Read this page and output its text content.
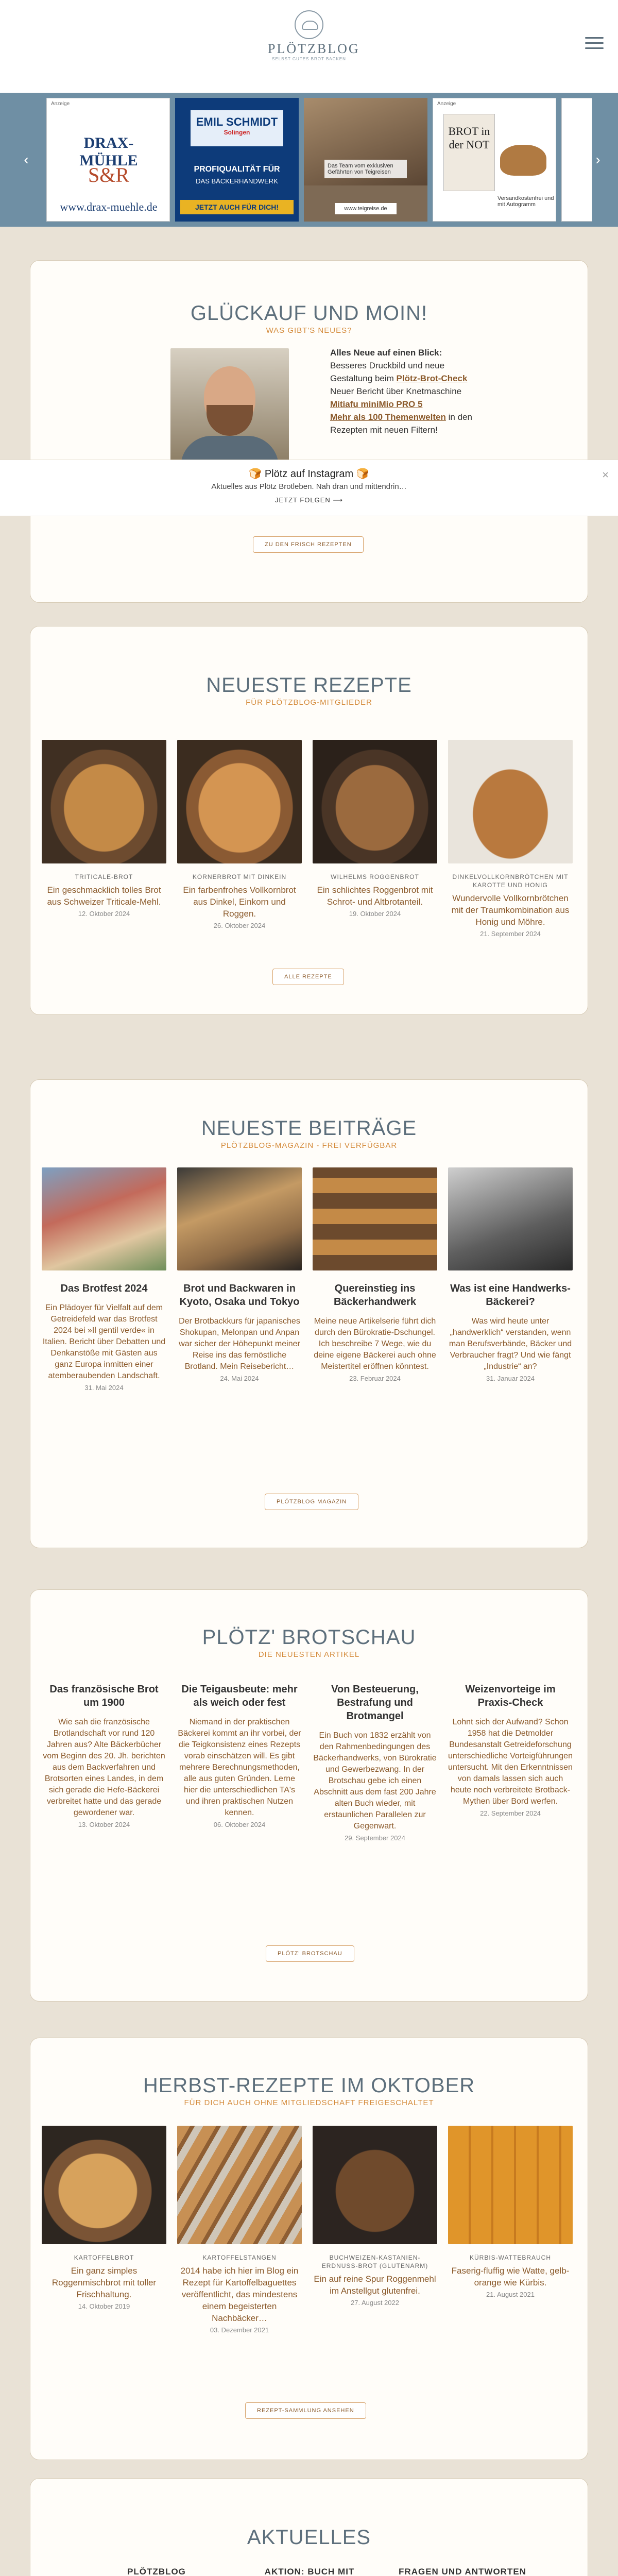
PLÖTZBLOG
SELBST GUTES BROT BACKEN
‹
Anzeige
DRAX-MÜHLE
S&R
www.drax-muehle.de
EMIL SCHMIDT
Solingen
PROFIQUALITÄT FÜR
DAS BÄCKERHANDWERK
JETZT AUCH FÜR DICH!
Das Team vom exklusiven Gefährten von Teigreisen
www.teigreise.de
Anzeige
BROT in der NOT
Versandkostenfrei und mit Autogramm
›
GLÜCKAUF UND MOIN!
WAS GIBT'S NEUES?
Alles Neue auf einen Blick:
Besseres Druckbild und neue Gestaltung beim Plötz-Brot-Check
Neuer Bericht über Knetmaschine Mitiafu miniMio PRO 5
Mehr als 100 Themenwelten in den Rezepten mit neuen Filtern!
ZU DEN FRISCH REZEPTEN
🍞 Plötz auf Instagram 🍞
Aktuelles aus Plötz Brotleben. Nah dran und mittendrin…
JETZT FOLGEN ⟶
×
NEUESTE REZEPTE
FÜR PLÖTZBLOG-MITGLIEDER
TRITICALE-BROT
Ein geschmacklich tolles Brot aus Schweizer Triticale-Mehl.
12. Oktober 2024
KÖRNERBROT MIT DINKEIN
Ein farbenfrohes Vollkornbrot aus Dinkel, Einkorn und Roggen.
26. Oktober 2024
WILHELMS ROGGENBROT
Ein schlichtes Roggenbrot mit Schrot- und Altbrotanteil.
19. Oktober 2024
DINKELVOLLKORNBRÖTCHEN MIT KAROTTE UND HONIG
Wundervolle Vollkornbrötchen mit der Traumkombination aus Honig und Möhre.
21. September 2024
ALLE REZEPTE
NEUESTE BEITRÄGE
PLÖTZBLOG-MAGAZIN - FREI VERFÜGBAR
Das Brotfest 2024
Ein Plädoyer für Vielfalt auf dem Getreidefeld war das Brotfest 2024 bei »Il gentil verde« in Italien. Bericht über Debatten und Denkanstöße mit Gästen aus ganz Europa inmitten einer atemberaubenden Landschaft.
31. Mai 2024
Brot und Backwaren in Kyoto, Osaka und Tokyo
Der Brotbackkurs für japanisches Shokupan, Melonpan und Anpan war sicher der Höhepunkt meiner Reise ins das fernöstliche Brotland. Mein Reisebericht…
24. Mai 2024
Quereinstieg ins Bäckerhandwerk
Meine neue Artikelserie führt dich durch den Bürokratie-Dschungel. Ich beschreibe 7 Wege, wie du deine eigene Bäckerei auch ohne Meistertitel eröffnen könntest.
23. Februar 2024
Was ist eine Handwerks-Bäckerei?
Was wird heute unter „handwerklich“ verstanden, wenn man Berufsverbände, Bäcker und Verbraucher fragt? Und wie fängt „Industrie“ an?
31. Januar 2024
PLÖTZBLOG MAGAZIN
PLÖTZ' BROTSCHAU
DIE NEUESTEN ARTIKEL
Das französische Brot um 1900
Wie sah die französische Brotlandschaft vor rund 120 Jahren aus? Alte Bäckerbücher vom Beginn des 20. Jh. berichten aus dem Backverfahren und Brotsorten eines Landes, in dem sich gerade die Hefe-Bäckerei verbreitet hatte und das gerade gewordener war.
13. Oktober 2024
Die Teigausbeute: mehr als weich oder fest
Niemand in der praktischen Bäckerei kommt an ihr vorbei, der die Teigkonsistenz eines Rezepts vorab einschätzen will. Es gibt mehrere Berechnungsmethoden, alle aus guten Gründen. Lerne hier die unterschiedlichen TA's und ihren praktischen Nutzen kennen.
06. Oktober 2024
Von Besteuerung, Bestrafung und Brotmangel
Ein Buch von 1832 erzählt von den Rahmenbedingungen des Bäckerhandwerks, von Bürokratie und Gewerbezwang. In der Brotschau gebe ich einen Abschnitt aus dem fast 200 Jahre alten Buch wieder, mit erstaunlichen Parallelen zur Gegenwart.
29. September 2024
Weizenvorteige im Praxis-Check
Lohnt sich der Aufwand? Schon 1958 hat die Detmolder Bundesanstalt Getreideforschung unterschiedliche Vorteigführungen untersucht. Mit den Erkenntnissen von damals lassen sich auch heute noch verbreitete Brotback-Mythen über Bord werfen.
22. September 2024
PLÖTZ' BROTSCHAU
HERBST-REZEPTE IM OKTOBER
FÜR DICH AUCH OHNE MITGLIEDSCHAFT FREIGESCHALTET
KARTOFFELBROT
Ein ganz simples Roggenmischbrot mit toller Frischhaltung.
14. Oktober 2019
KARTOFFELSTANGEN
2014 habe ich hier im Blog ein Rezept für Kartoffelbaguettes veröffentlicht, das mindestens einem begeisterten Nachbäcker…
03. Dezember 2021
BUCHWEIZEN-KASTANIEN-ERDNUSS-BROT (GLUTENARM)
Ein auf reine Spur Roggenmehl im Anstellgut glutenfrei.
27. August 2022
KÜRBIS-WATTEBRAUCH
Faserig-fluffig wie Watte, gelb-orange wie Kürbis.
21. August 2021
REZEPT-SAMMLUNG ANSEHEN
AKTUELLES
PLÖTZBLOG	AKTION: BUCH MIT	FRAGEN UND ANTWORTEN
